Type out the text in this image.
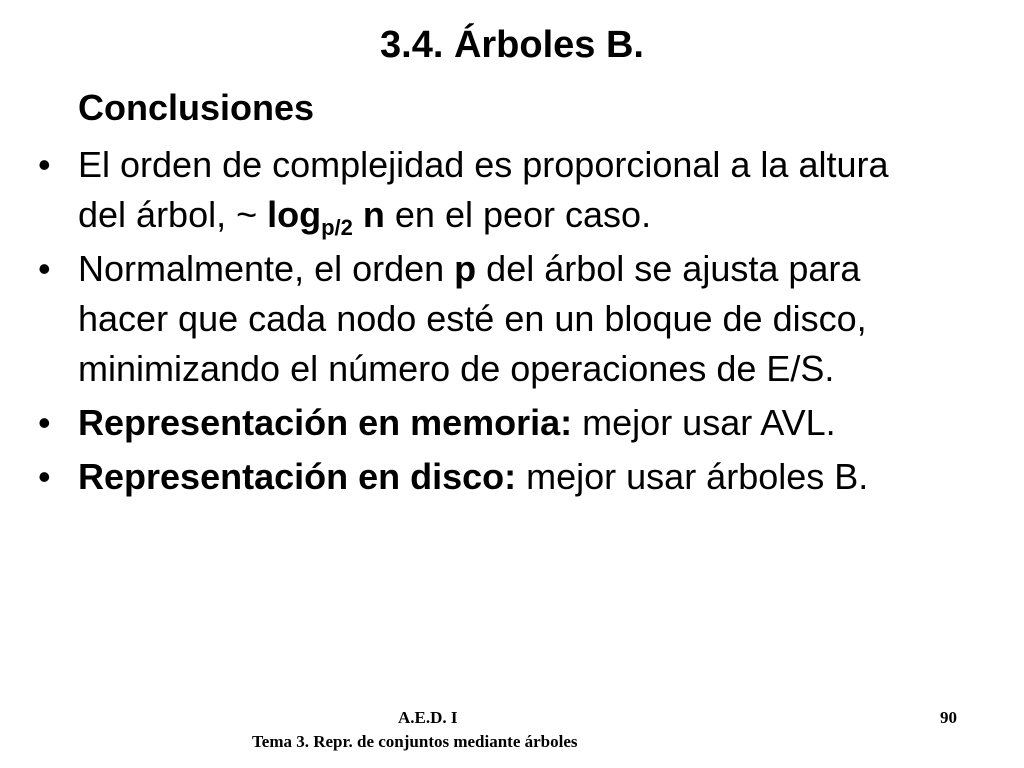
3.4. Árboles B.
Conclusiones
• El orden de complejidad es proporcional a la altura
del árbol, ~ $\log_{p/2} n$ en el peor caso.
• Normalmente, el orden p del árbol se ajusta para
hacer que cada nodo esté en un bloque de disco,
minimizando el número de operaciones de E/S.
• Representación en memoria: mejor usar AVL.
• Representación en disco: mejor usar árboles B.
A.E.D. I
Tema 3. Repr. de conjuntos mediante árboles
90
